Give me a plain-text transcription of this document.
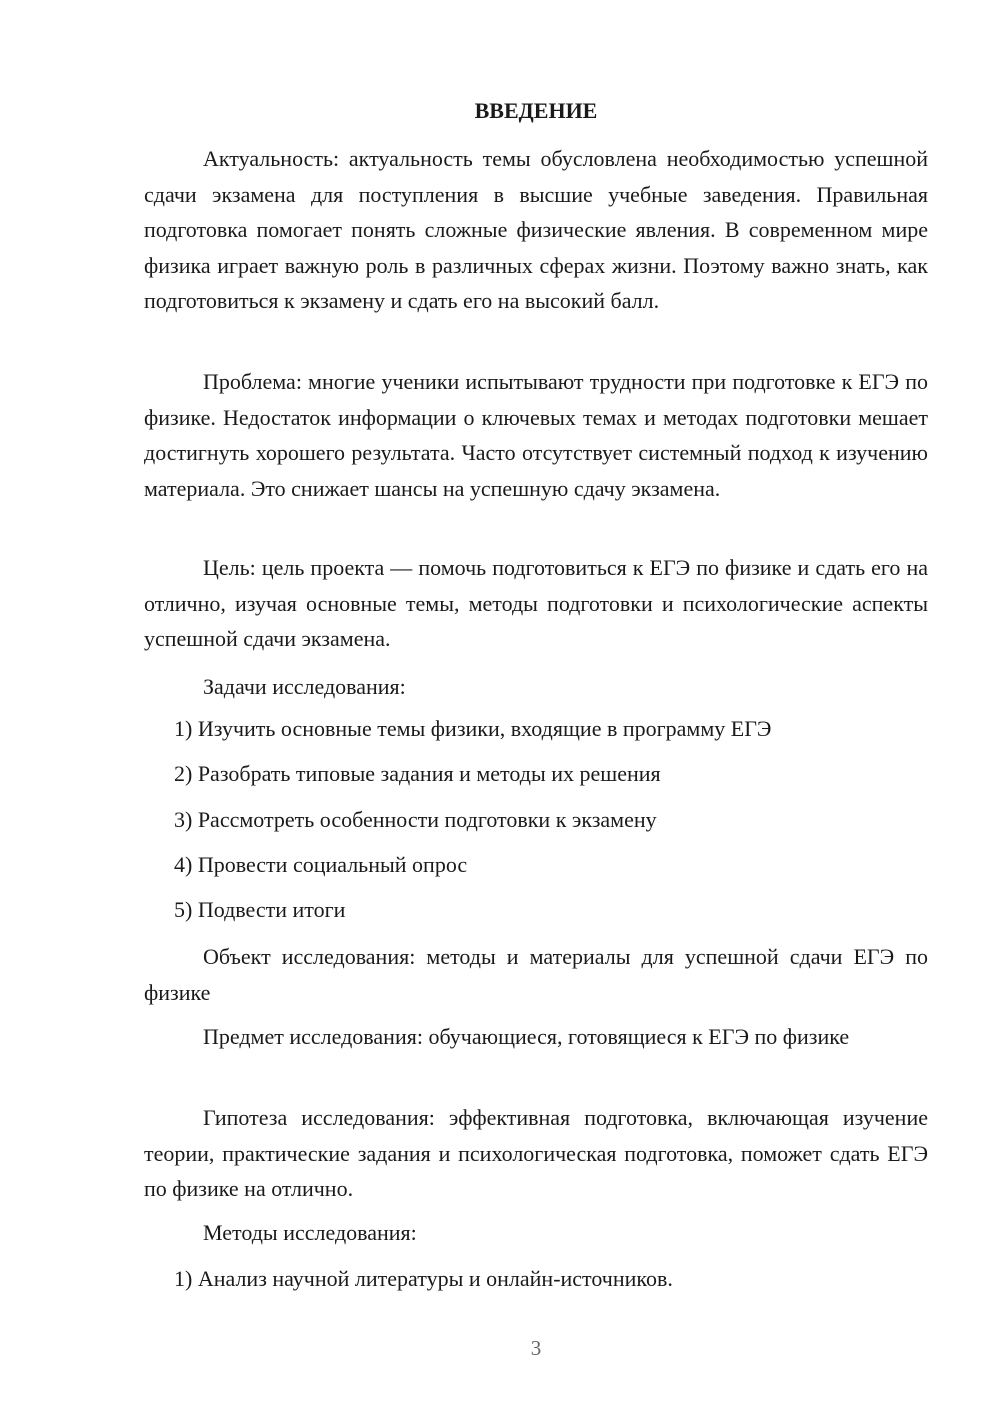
ВВЕДЕНИЕ

Актуальность: актуальность темы обусловлена необходимостью успешной сдачи экзамена для поступления в высшие учебные заведения. Правильная подготовка помогает понять сложные физические явления. В современном мире физика играет важную роль в различных сферах жизни. Поэтому важно знать, как подготовиться к экзамену и сдать его на высокий балл.

Проблема: многие ученики испытывают трудности при подготовке к ЕГЭ по физике. Недостаток информации о ключевых темах и методах подготовки мешает достигнуть хорошего результата. Часто отсутствует системный подход к изучению материала. Это снижает шансы на успешную сдачу экзамена.

Цель: цель проекта — помочь подготовиться к ЕГЭ по физике и сдать его на отлично, изучая основные темы, методы подготовки и психологические аспекты успешной сдачи экзамена.

Задачи исследования:

1) Изучить основные темы физики, входящие в программу ЕГЭ

2) Разобрать типовые задания и методы их решения

3) Рассмотреть особенности подготовки к экзамену

4) Провести социальный опрос

5) Подвести итоги

Объект исследования: методы и материалы для успешной сдачи ЕГЭ по физике

Предмет исследования: обучающиеся, готовящиеся к ЕГЭ по физике

Гипотеза исследования: эффективная подготовка, включающая изучение теории, практические задания и психологическая подготовка, поможет сдать ЕГЭ по физике на отлично.

Методы исследования:

1) Анализ научной литературы и онлайн-источников.

3
